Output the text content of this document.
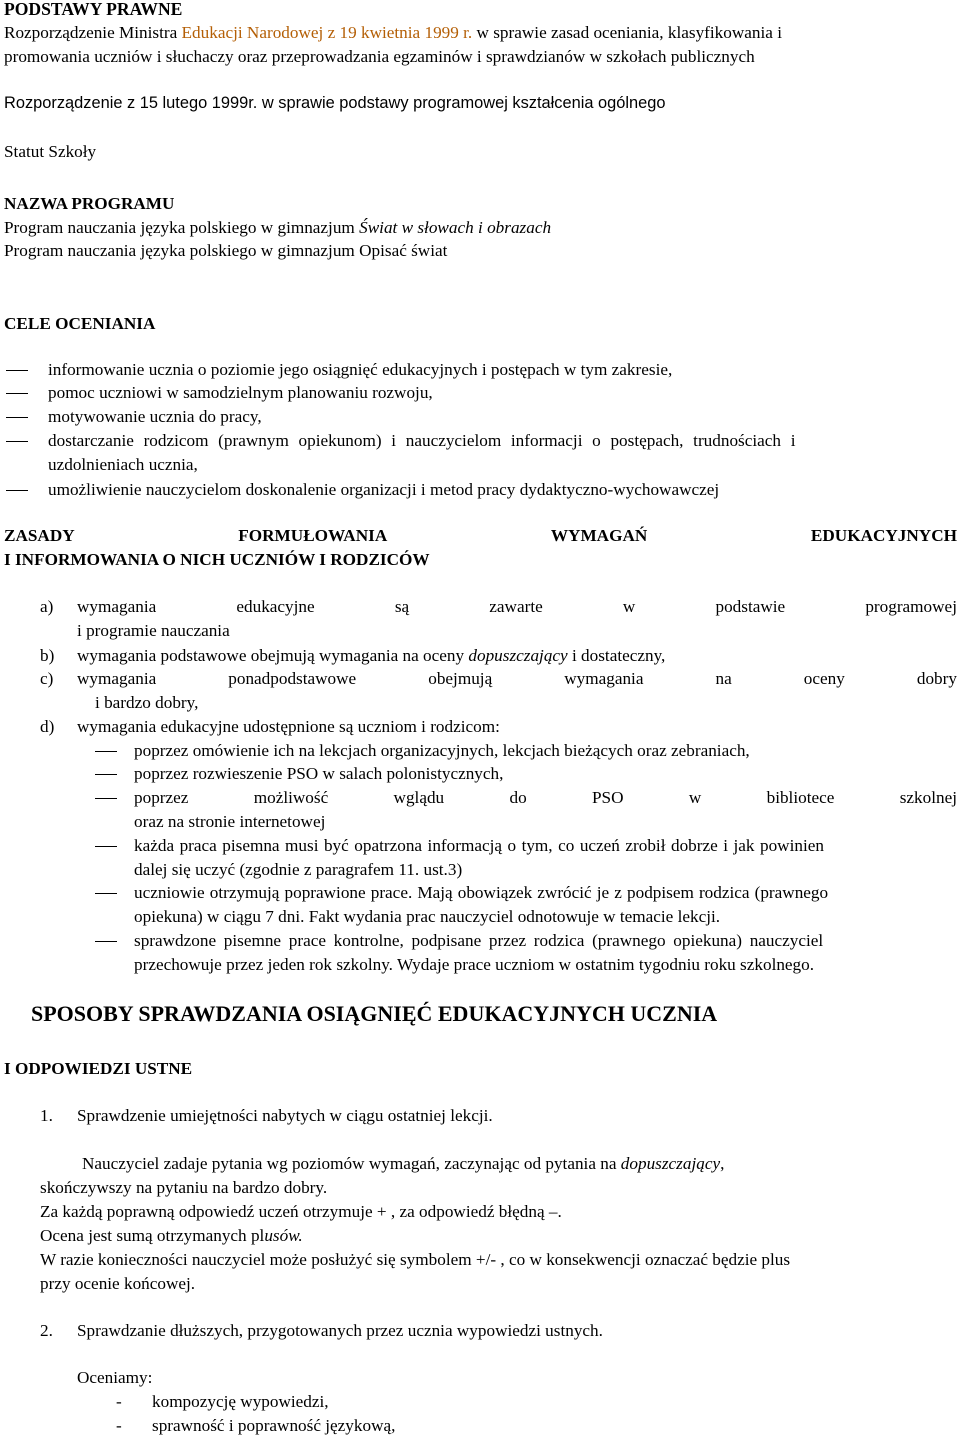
PODSTAWY PRAWNE
Rozporządzenie Ministra Edukacji Narodowej z 19 kwietnia 1999 r. w sprawie zasad oceniania, klasyfikowania i
promowania uczniów i słuchaczy oraz przeprowadzania egzaminów i sprawdzianów w szkołach publicznych
Rozporządzenie z 15 lutego 1999r. w sprawie podstawy programowej kształcenia ogólnego
Statut Szkoły
NAZWA PROGRAMU
Program nauczania języka polskiego w gimnazjum Świat w słowach i obrazach
Program nauczania języka polskiego w gimnazjum Opisać świat
CELE OCENIANIA
informowanie ucznia o poziomie jego osiągnięć edukacyjnych i postępach w tym zakresie,
pomoc uczniowi w samodzielnym planowaniu rozwoju,
motywowanie ucznia do pracy,
dostarczanie rodzicom (prawnym opiekunom) i nauczycielom informacji o postępach, trudnościach i
uzdolnieniach ucznia,
umożliwienie nauczycielom doskonalenie organizacji i metod pracy dydaktyczno-wychowawczej
ZASADY	FORMUŁOWANIA	WYMAGAŃ	EDUKACYJNYCH
I INFORMOWANIA O NICH UCZNIÓW I RODZICÓW
a) wymagania	edukacyjne	są	zawarte	w	podstawie	programowej
i programie nauczania
b) wymagania podstawowe obejmują wymagania na oceny dopuszczający i dostateczny,
c) wymagania	ponadpodstawowe	obejmują	wymagania	na	oceny	dobry
i bardzo dobry,
d) wymagania edukacyjne udostępnione są uczniom i rodzicom:
poprzez omówienie ich na lekcjach organizacyjnych, lekcjach bieżących oraz zebraniach,
poprzez rozwieszenie PSO w salach polonistycznych,
poprzez	możliwość	wglądu	do	PSO	w	bibliotece	szkolnej
oraz na stronie internetowej
każda praca pisemna musi być opatrzona informacją o tym, co uczeń zrobił dobrze i jak powinien
dalej się uczyć (zgodnie z paragrafem 11. ust.3)
uczniowie otrzymują poprawione prace. Mają obowiązek zwrócić je z podpisem rodzica (prawnego
opiekuna) w ciągu 7 dni. Fakt wydania prac nauczyciel odnotowuje w temacie lekcji.
sprawdzone pisemne prace kontrolne, podpisane przez rodzica (prawnego opiekuna) nauczyciel
przechowuje przez jeden rok szkolny. Wydaje prace uczniom w ostatnim tygodniu roku szkolnego.
SPOSOBY SPRAWDZANIA OSIĄGNIĘĆ EDUKACYJNYCH UCZNIA
I ODPOWIEDZI USTNE
1. Sprawdzenie umiejętności nabytych w ciągu ostatniej lekcji.
Nauczyciel zadaje pytania wg poziomów wymagań, zaczynając od pytania na dopuszczający,
skończywszy na pytaniu na bardzo dobry.
Za każdą poprawną odpowiedź uczeń otrzymuje + , za odpowiedź błędną –.
Ocena jest sumą otrzymanych plusów.
W razie konieczności nauczyciel może posłużyć się symbolem +/- , co w konsekwencji oznaczać będzie plus
przy ocenie końcowej.
2. Sprawdzanie dłuższych, przygotowanych przez ucznia wypowiedzi ustnych.
Oceniamy:
- kompozycję wypowiedzi,
- sprawność i poprawność językową,
